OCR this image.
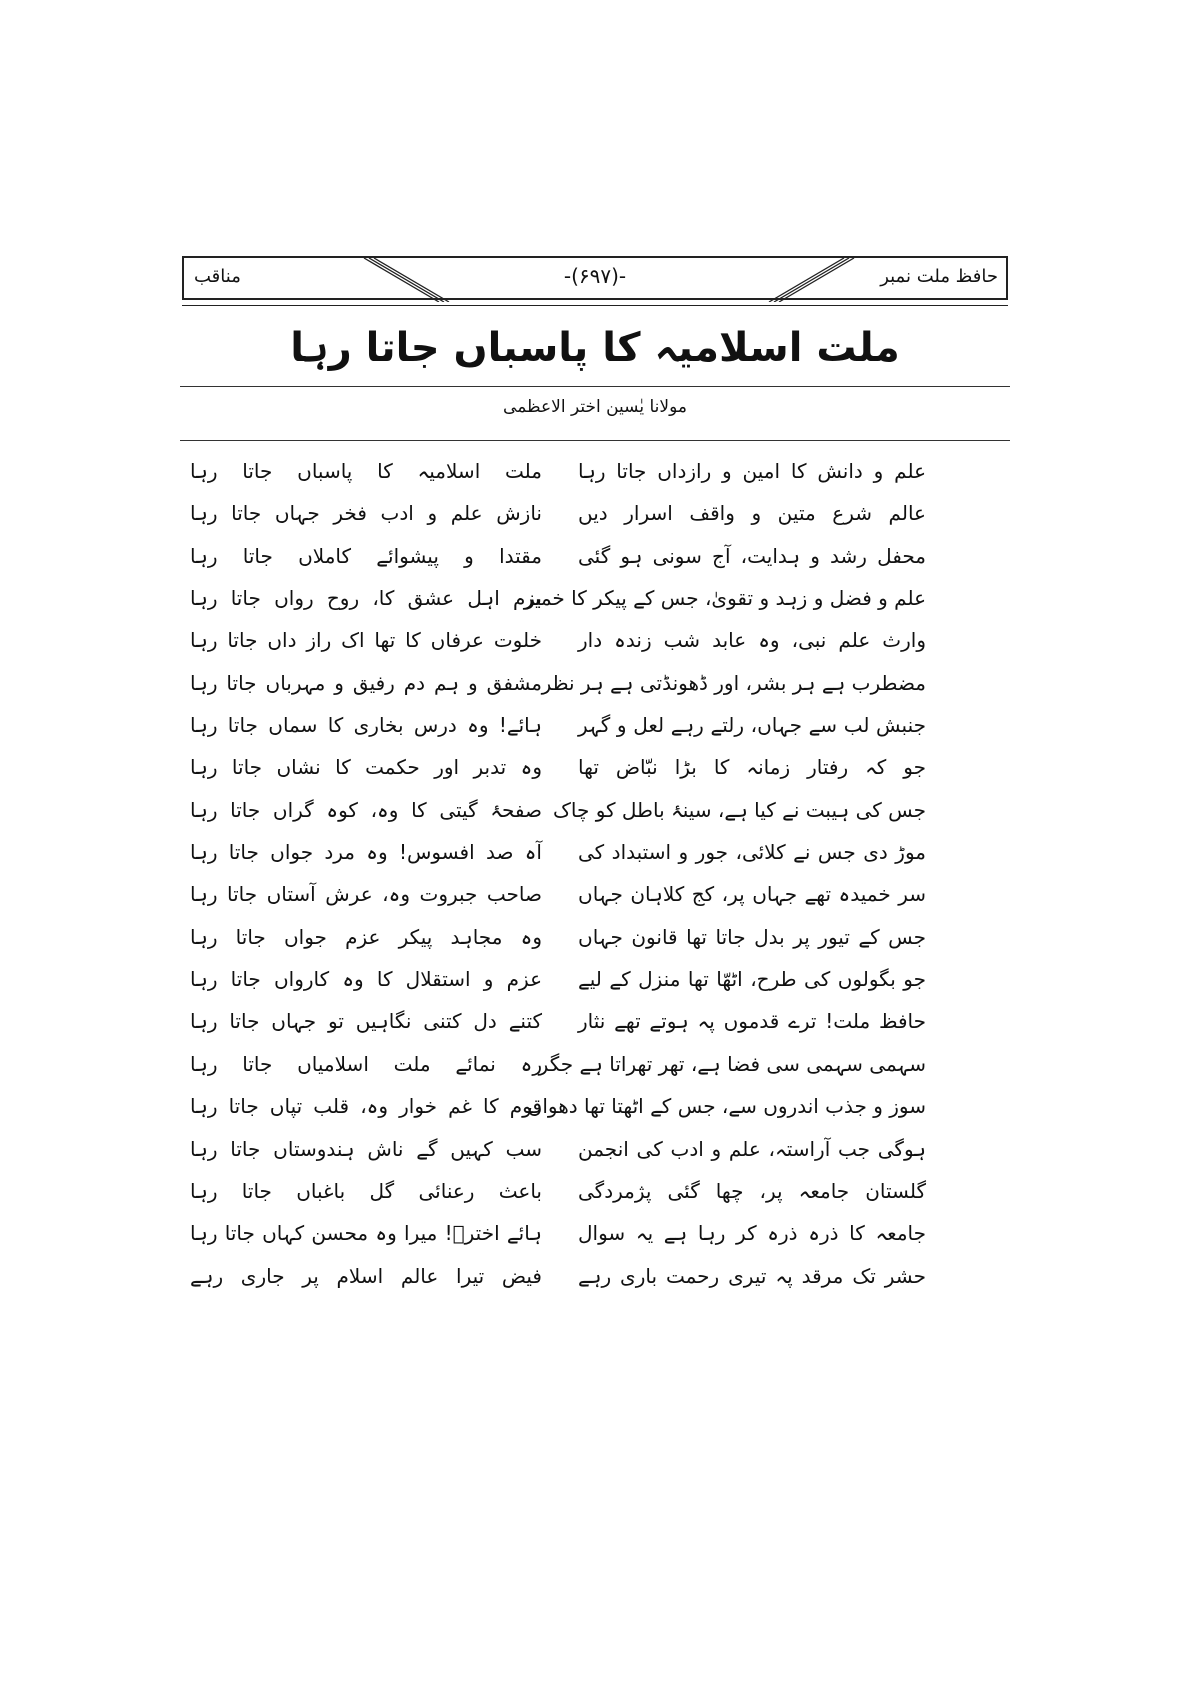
حافظ ملت نمبر
-(۶۹۷)-
مناقب
ملت اسلامیہ کا پاسباں جاتا رہا
مولانا یٰسین اختر الاعظمی
علم و دانش کا امین و رازداں جاتا رہا
عالم شرع متین و واقف اسرار دیں
محفل رشد و ہدایت، آج سونی ہو گئی
علم و فضل و زہد و تقویٰ، جس کے پیکر کا خمیر
وارث علم نبی، وہ عابد شب زندہ دار
مضطرب ہے ہر بشر، اور ڈھونڈتی ہے ہر نظر
جنبش لب سے جہاں، رلتے رہے لعل و گہر
جو کہ رفتار زمانہ کا بڑا نبّاض تھا
جس کی ہیبت نے کیا ہے، سینۂ باطل کو چاک
موڑ دی جس نے کلائی، جور و استبداد کی
سر خمیدہ تھے جہاں پر، کج کلاہان جہاں
جس کے تیور پر بدل جاتا تھا قانون جہاں
جو بگولوں کی طرح، اٹھّا تھا منزل کے لیے
حافظ ملت! ترے قدموں پہ ہوتے تھے نثار
سہمی سہمی سی فضا ہے، تھر تھراتا ہے جگر
سوز و جذب اندروں سے، جس کے اٹھتا تھا دھواں
ہوگی جب آراستہ، علم و ادب کی انجمن
گلستان جامعہ پر، چھا گئی پژمردگی
جامعہ کا ذرہ ذرہ کر رہا ہے یہ سوال
حشر تک مرقد پہ تیری رحمت باری رہے
ملت اسلامیہ کا پاسباں جاتا رہا
نازش علم و ادب فخر جہاں جاتا رہا
مقتدا و پیشوائے کاملاں جاتا رہا
بزم اہل عشق کا، روح رواں جاتا رہا
خلوت عرفاں کا تھا اک راز داں جاتا رہا
مشفق و ہم دم رفیق و مہرباں جاتا رہا
ہائے! وہ درس بخاری کا سماں جاتا رہا
وہ تدبر اور حکمت کا نشاں جاتا رہا
صفحۂ گیتی کا وہ، کوہ گراں جاتا رہا
آہ صد افسوس! وہ مرد جواں جاتا رہا
صاحب جبروت وہ، عرش آستاں جاتا رہا
وہ مجاہد پیکر عزم جواں جاتا رہا
عزم و استقلال کا وہ کارواں جاتا رہا
کتنے دل کتنی نگاہیں تو جہاں جاتا رہا
رہ نمائے ملت اسلامیاں جاتا رہا
قوم کا غم خوار وہ، قلب تپاں جاتا رہا
سب کہیں گے ناش ہندوستاں جاتا رہا
باعث رعنائی گل باغباں جاتا رہا
ہائے اخترؔ! میرا وہ محسن کہاں جاتا رہا
فیض تیرا عالم اسلام پر جاری رہے
